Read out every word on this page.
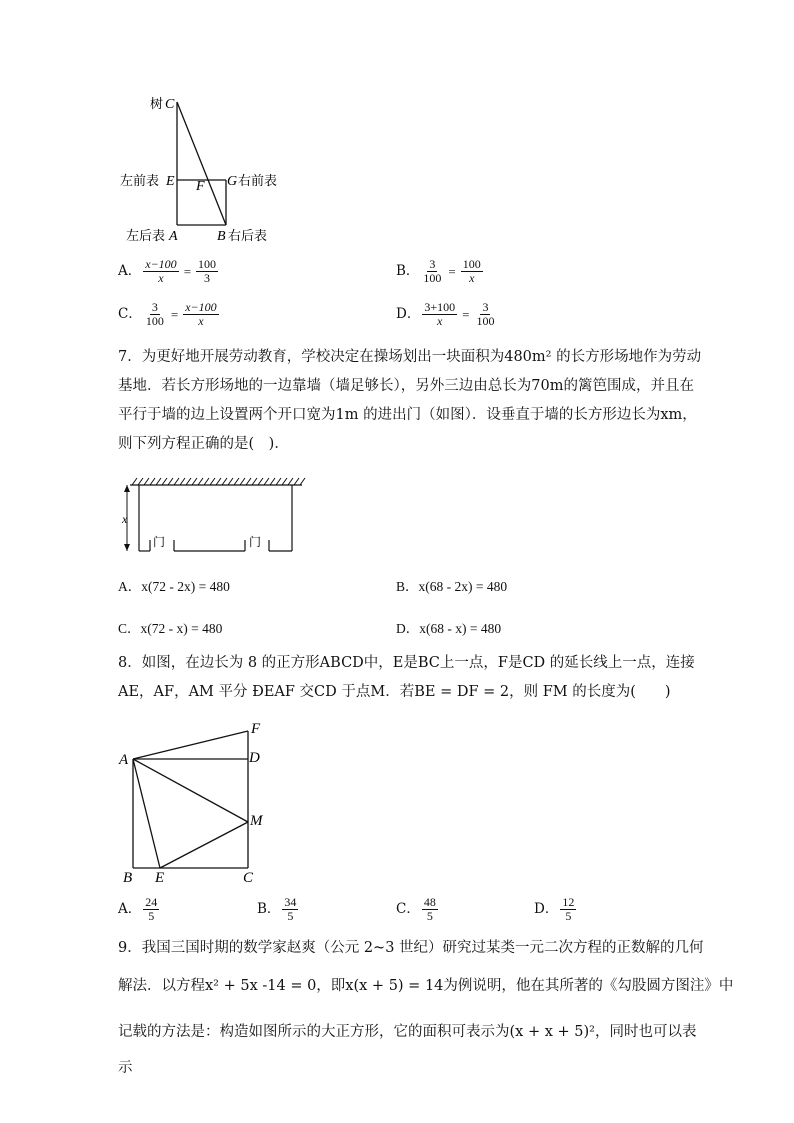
树 C
左前表 E F G 右前表
左后表 A	B 右后表
A． $\frac{x-100}{x} = \frac{100}{3}$	B． $\frac{3}{100} = \frac{100}{x}$
C． $\frac{3}{100} = \frac{x-100}{x}$	D． $\frac{3+100}{x} = \frac{3}{100}$
7．为更好地开展劳动教育，学校决定在操场划出一块面积为480m² 的长方形场地作为劳动
基地．若长方形场地的一边靠墙（墙足够长），另外三边由总长为70m的篱笆围成，并且在
平行于墙的边上设置两个开口宽为1m 的进出门（如图）．设垂直于墙的长方形边长为xm，
则下列方程正确的是(　)．
x
门	门
A．x(72 - 2x) = 480	B．x(68 - 2x) = 480
C．x(72 - x) = 480	D．x(68 - x) = 480
8．如图，在边长为 8 的正方形ABCD中，E是BC上一点，F是CD 的延长线上一点，连接
AE，AF，AM 平分 ÐEAF 交CD 于点M．若BE = DF = 2，则 FM 的长度为(　　)
A
F
D
M
B E	C
A． $\frac{24}{5}$	B． $\frac{34}{5}$	C． $\frac{48}{5}$	D． $\frac{12}{5}$
9．我国三国时期的数学家赵爽（公元 2~3 世纪）研究过某类一元二次方程的正数解的几何
解法．以方程x² + 5x -14 = 0，即x(x + 5) = 14为例说明，他在其所著的《勾股圆方图注》中
记载的方法是：构造如图所示的大正方形，它的面积可表示为(x + x + 5)²，同时也可以表
示
